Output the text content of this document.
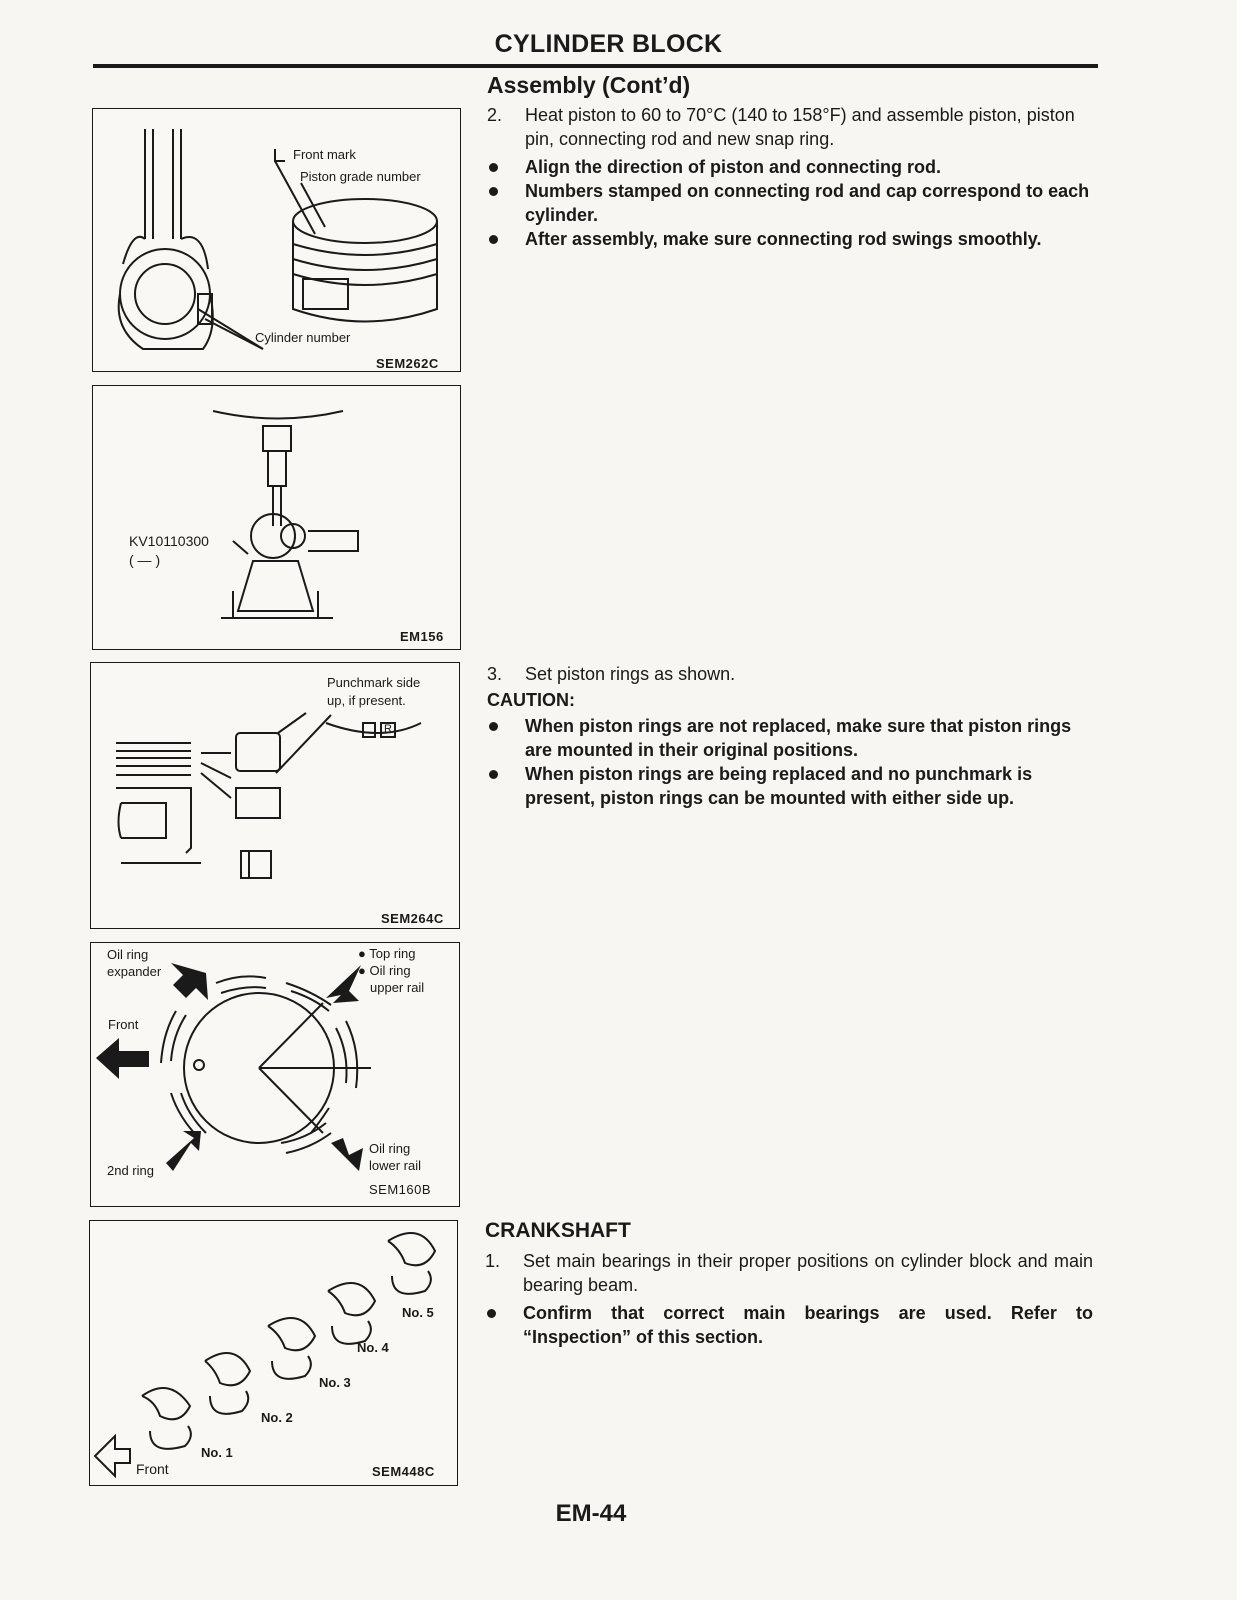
CYLINDER BLOCK
Front mark
Piston grade number
Cylinder number
SEM262C
KV10110300
( — )
EM156
Punchmark side
up, if present.
R
SEM264C
Oil ring
expander
● Top ring
● Oil ring
upper rail
Front
2nd ring
Oil ring
lower rail
SEM160B
No. 5
No. 4
No. 3
No. 2
No. 1
Front	SEM448C
Assembly (Cont’d)
2.	Heat piston to 60 to 70°C (140 to 158°F) and assemble piston, piston pin, connecting rod and new snap ring.
Align the direction of piston and connecting rod.
Numbers stamped on connecting rod and cap correspond to each cylinder.
After assembly, make sure connecting rod swings smoothly.
3.	Set piston rings as shown.
CAUTION:
When piston rings are not replaced, make sure that piston rings are mounted in their original positions.
When piston rings are being replaced and no punchmark is present, piston rings can be mounted with either side up.
CRANKSHAFT
1.	Set main bearings in their proper positions on cylinder block and main bearing beam.
Confirm that correct main bearings are used. Refer to “Inspection” of this section.
EM-44
